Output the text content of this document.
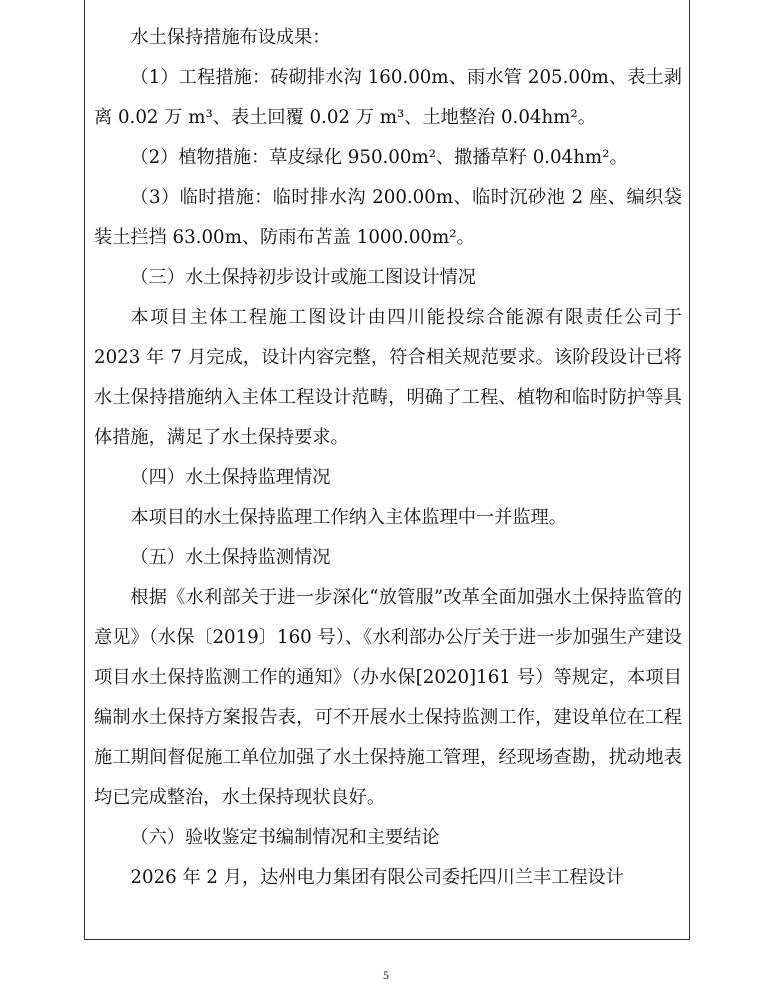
水土保持措施布设成果：

（1）工程措施：砖砌排水沟 160.00m、雨水管 205.00m、表土剥离 0.02 万 m³、表土回覆 0.02 万 m³、土地整治 0.04hm²。

（2）植物措施：草皮绿化 950.00m²、撒播草籽 0.04hm²。

（3）临时措施：临时排水沟 200.00m、临时沉砂池 2 座、编织袋装土拦挡 63.00m、防雨布苫盖 1000.00m²。

（三）水土保持初步设计或施工图设计情况

本项目主体工程施工图设计由四川能投综合能源有限责任公司于 2023 年 7 月完成，设计内容完整，符合相关规范要求。该阶段设计已将水土保持措施纳入主体工程设计范畴，明确了工程、植物和临时防护等具体措施，满足了水土保持要求。

（四）水土保持监理情况

本项目的水土保持监理工作纳入主体监理中一并监理。

（五）水土保持监测情况

根据《水利部关于进一步深化“放管服”改革全面加强水土保持监管的意见》（水保〔2019〕160 号）、《水利部办公厅关于进一步加强生产建设项目水土保持监测工作的通知》（办水保[2020]161 号）等规定，本项目编制水土保持方案报告表，可不开展水土保持监测工作，建设单位在工程施工期间督促施工单位加强了水土保持施工管理，经现场查勘，扰动地表均已完成整治，水土保持现状良好。

（六）验收鉴定书编制情况和主要结论

2026 年 2 月，达州电力集团有限公司委托四川兰丰工程设计

5
